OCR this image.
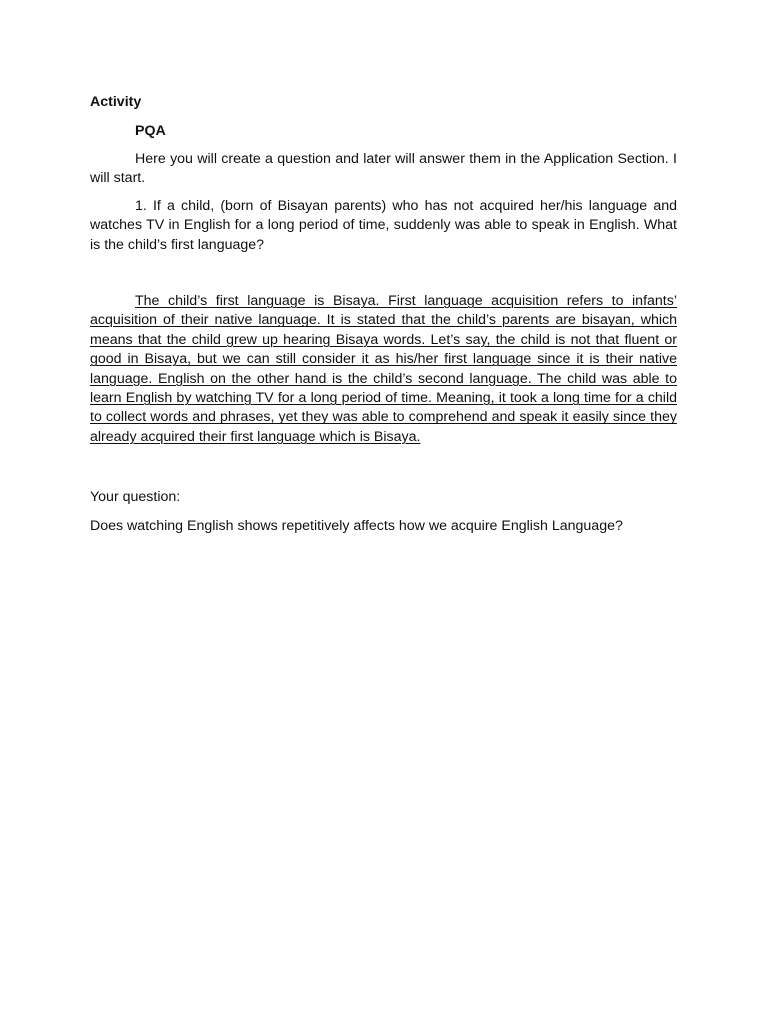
Activity

PQA

Here you will create a question and later will answer them in the Application Section. I will start.

1. If a child, (born of Bisayan parents) who has not acquired her/his language and watches TV in English for a long period of time, suddenly was able to speak in English. What is the child’s first language?

The child’s first language is Bisaya. First language acquisition refers to infants’ acquisition of their native language. It is stated that the child’s parents are bisayan, which means that the child grew up hearing Bisaya words. Let’s say, the child is not that fluent or good in Bisaya, but we can still consider it as his/her first language since it is their native language. English on the other hand is the child’s second language. The child was able to learn English by watching TV for a long period of time. Meaning, it took a long time for a child to collect words and phrases, yet they was able to comprehend and speak it easily since they already acquired their first language which is Bisaya.

Your question:

Does watching English shows repetitively affects how we acquire English Language?
